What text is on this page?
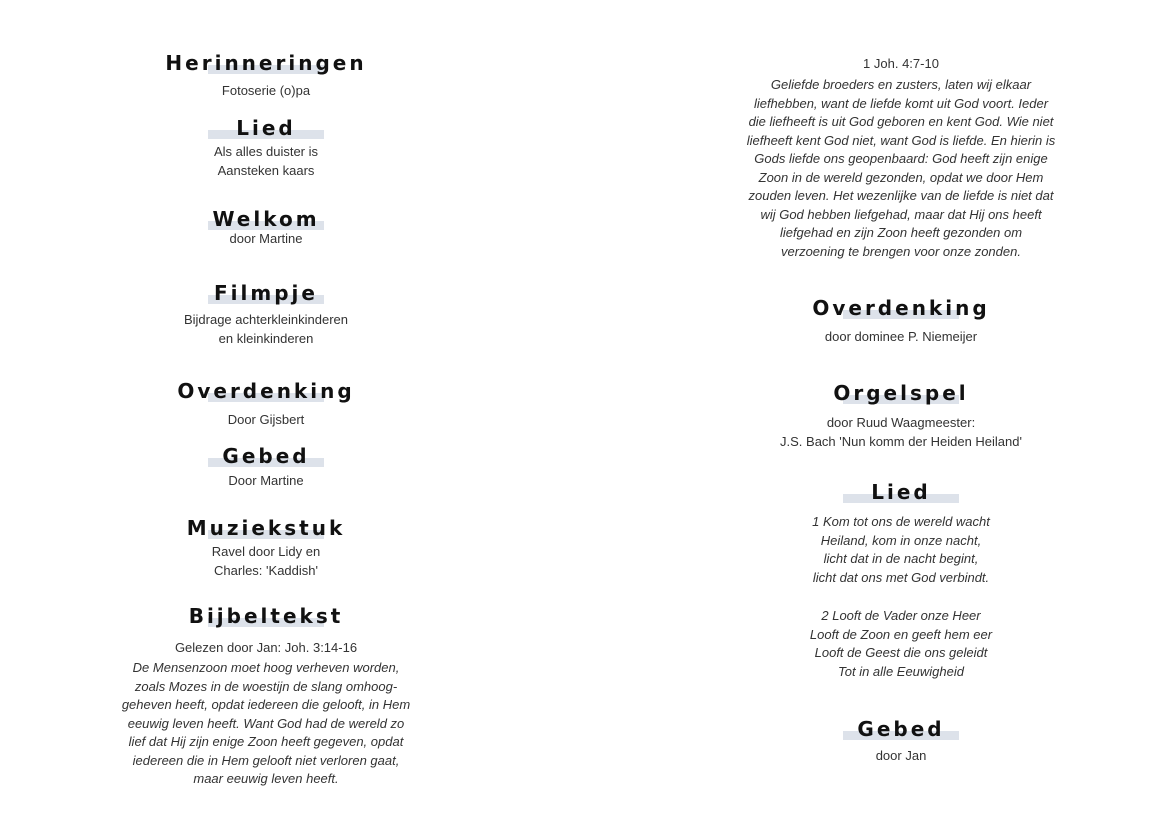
Herinneringen
Fotoserie (o)pa
Lied
Als alles duister is
Aansteken kaars
Welkom
door Martine
Filmpje
Bijdrage achterkleinkinderen
en kleinkinderen
Overdenking
Door Gijsbert
Gebed
Door Martine
Muziekstuk
Ravel door Lidy en
Charles: 'Kaddish'
Bijbeltekst
Gelezen door Jan: Joh. 3:14-16
De Mensenzoon moet hoog verheven worden,
zoals Mozes in de woestijn de slang omhoog-
geheven heeft, opdat iedereen die gelooft, in Hem
eeuwig leven heeft. Want God had de wereld zo
lief dat Hij zijn enige Zoon heeft gegeven, opdat
iedereen die in Hem gelooft niet verloren gaat,
maar eeuwig leven heeft.
1 Joh. 4:7-10
Geliefde broeders en zusters, laten wij elkaar
liefhebben, want de liefde komt uit God voort. Ieder
die liefheeft is uit God geboren en kent God. Wie niet
liefheeft kent God niet, want God is liefde. En hierin is
Gods liefde ons geopenbaard: God heeft zijn enige
Zoon in de wereld gezonden, opdat we door Hem
zouden leven. Het wezenlijke van de liefde is niet dat
wij God hebben liefgehad, maar dat Hij ons heeft
liefgehad en zijn Zoon heeft gezonden om
verzoening te brengen voor onze zonden.
Overdenking
door dominee P. Niemeijer
Orgelspel
door Ruud Waagmeester:
J.S. Bach 'Nun komm der Heiden Heiland'
Lied
1 Kom tot ons de wereld wacht
Heiland, kom in onze nacht,
licht dat in de nacht begint,
licht dat ons met God verbindt.
2 Looft de Vader onze Heer
Looft de Zoon en geeft hem eer
Looft de Geest die ons geleidt
Tot in alle Eeuwigheid
Gebed
door Jan
